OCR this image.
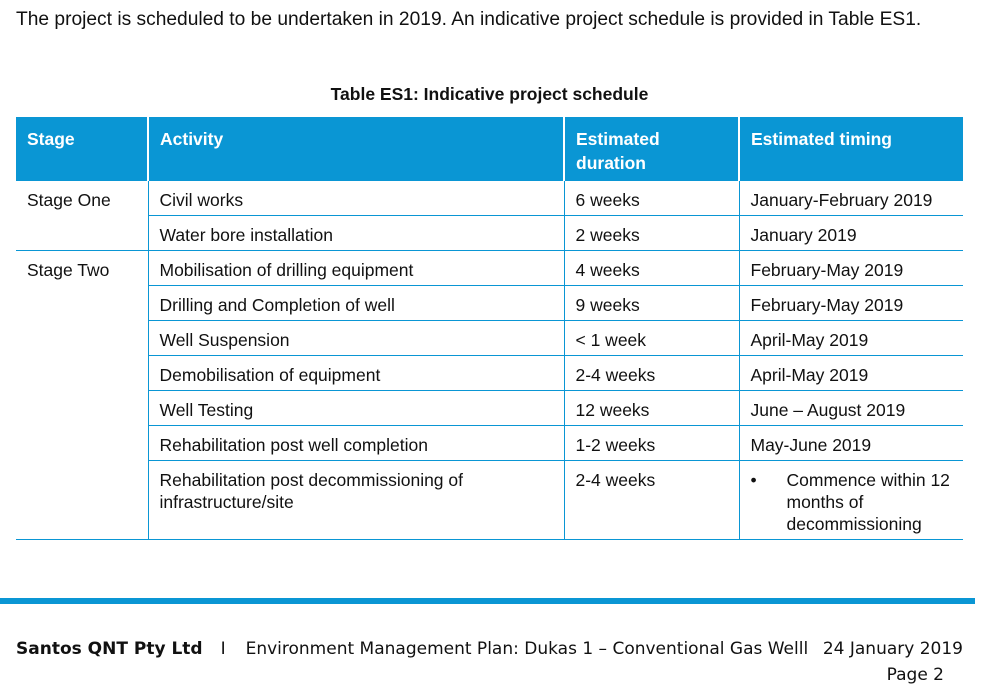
The project is scheduled to be undertaken in 2019. An indicative project schedule is provided in Table ES1.

Table ES1: Indicative project schedule

Stage	Activity	Estimated duration	Estimated timing
Stage One	Civil works	6 weeks	January-February 2019
	Water bore installation	2 weeks	January 2019
Stage Two	Mobilisation of drilling equipment	4 weeks	February-May 2019
	Drilling and Completion of well	9 weeks	February-May 2019
	Well Suspension	< 1 week	April-May 2019
	Demobilisation of equipment	2-4 weeks	April-May 2019
	Well Testing	12 weeks	June – August 2019
	Rehabilitation post well completion	1-2 weeks	May-June 2019
	Rehabilitation post decommissioning of infrastructure/site	2-4 weeks	• Commence within 12 months of decommissioning
Santos QNT Pty Ltd I Environment Management Plan: Dukas 1 – Conventional Gas Welll 24 January 2019
Page 2
